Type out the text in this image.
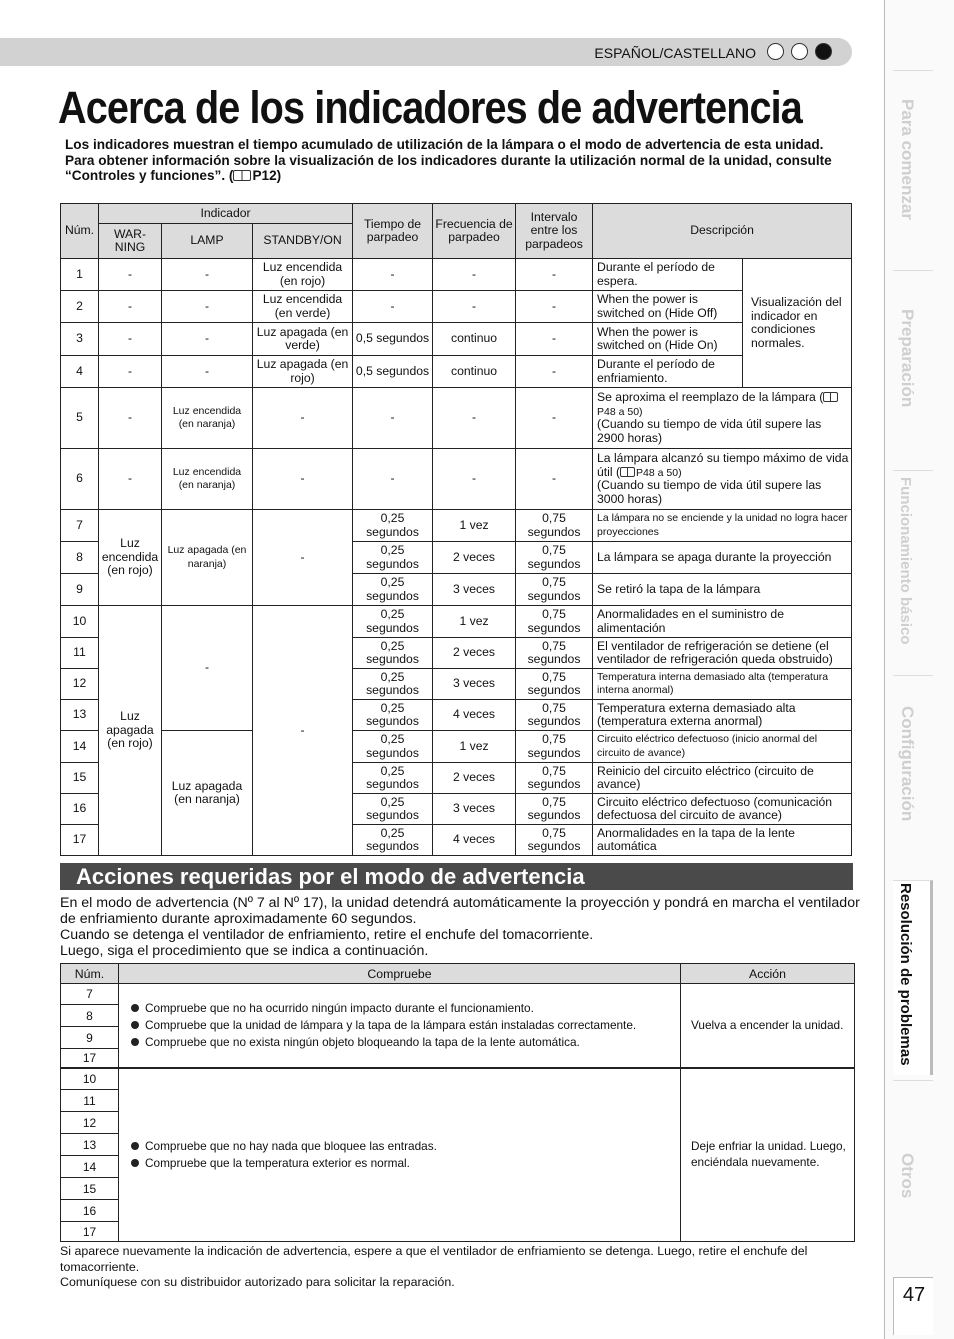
ESPAÑOL/CASTELLANO
Acerca de los indicadores de advertencia

Los indicadores muestran el tiempo acumulado de utilización de la lámpara o el modo de advertencia de esta unidad.

Para obtener información sobre la visualización de los indicadores durante la utilización normal de la unidad, consulte “Controles y funciones”. ( P12)

Núm.	Indicador			Tiempo de parpadeo	Frecuencia de parpadeo	Intervalo entre los parpadeos	Descripción	
	WAR-NING	LAMP	STANDBY/ON					
1	-	-	Luz encendida (en rojo)	-	-	-	Durante el período de espera.	Visualización del indicador en condiciones normales.
2	-	-	Luz encendida (en verde)	-	-	-	When the power is switched on (Hide Off)	
3	-	-	Luz apagada (en verde)	0,5 segundos	continuo	-	When the power is switched on (Hide On)	
4	-	-	Luz apagada (en rojo)	0,5 segundos	continuo	-	Durante el período de enfriamiento.	
5	-	Luz encendida (en naranja)	-	-	-	-	Se aproxima el reemplazo de la lámpara (P48 a 50)
(Cuando su tiempo de vida útil supere las 2900 horas)	
6	-	Luz encendida (en naranja)	-	-	-	-	La lámpara alcanzó su tiempo máximo de vida útil ( P48 a 50)
(Cuando su tiempo de vida útil supere las 3000 horas)	
7	Luz encendida (en rojo)	Luz apagada (en naranja)	-	0,25 segundos	1 vez	0,75 segundos	La lámpara no se enciende y la unidad no logra hacer proyecciones	
8				0,25 segundos	2 veces	0,75 segundos	La lámpara se apaga durante la proyección	
9				0,25 segundos	3 veces	0,75 segundos	Se retiró la tapa de la lámpara	
10	Luz apagada (en rojo)	-	-	0,25 segundos	1 vez	0,75 segundos	Anormalidades en el suministro de alimentación	
11				0,25 segundos	2 veces	0,75 segundos	El ventilador de refrigeración se detiene (el ventilador de refrigeración queda obstruido)	
12				0,25 segundos	3 veces	0,75 segundos	Temperatura interna demasiado alta (temperatura interna anormal)	
13				0,25 segundos	4 veces	0,75 segundos	Temperatura externa demasiado alta (temperatura externa anormal)	
14		Luz apagada (en naranja)		0,25 segundos	1 vez	0,75 segundos	Circuito eléctrico defectuoso (inicio anormal del circuito de avance)	
15				0,25 segundos	2 veces	0,75 segundos	Reinicio del circuito eléctrico (circuito de avance)	
16				0,25 segundos	3 veces	0,75 segundos	Circuito eléctrico defectuoso (comunicación defectuosa del circuito de avance)	
17				0,25 segundos	4 veces	0,75 segundos	Anormalidades en la tapa de la lente automática	
Acciones requeridas por el modo de advertencia

En el modo de advertencia (Nº 7 al Nº 17), la unidad detendrá automáticamente la proyección y pondrá en marcha el ventilador de enfriamiento durante aproximadamente 60 segundos.

Cuando se detenga el ventilador de enfriamiento, retire el enchufe del tomacorriente.

Luego, siga el procedimiento que se indica a continuación.

Núm.	Compruebe	Acción
7	Compruebe que no ha ocurrido ningún impacto durante el funcionamiento.
Compruebe que la unidad de lámpara y la tapa de la lámpara están instaladas correctamente.
Compruebe que no exista ningún objeto bloqueando la tapa de la lente automática.	Vuelva a encender la unidad.
8		
9		
17		
10	Compruebe que no hay nada que bloquee las entradas.
Compruebe que la temperatura exterior es normal.	Deje enfriar la unidad. Luego, enciéndala nuevamente.
11		
12		
13		
14		
15		
16		
17		

Si aparece nuevamente la indicación de advertencia, espere a que el ventilador de enfriamiento se detenga. Luego, retire el enchufe del tomacorriente.

Comuníquese con su distribuidor autorizado para solicitar la reparación.

Para comenzar
Preparación
Funcionamiento básico
Configuración
Resolución de problemas
Otros
47
